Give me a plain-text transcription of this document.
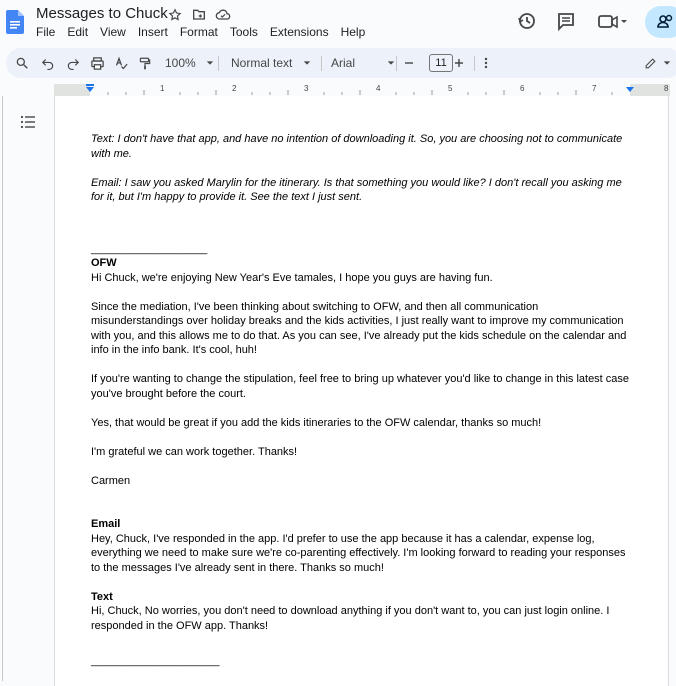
Messages to Chuck
File	Edit	View	Insert	Format	Tools	Extensions	Help
100%	Normal text	Arial	11
1	2	3	4	5	6	7	8

Text: I don't have that app, and have no intention of downloading it. So, you are choosing not to communicate

with me.

Email: I saw you asked Marylin for the itinerary. Is that something you would like? I don't recall you asking me

for it, but I'm happy to provide it. See the text I just sent.

___________________

OFW

Hi Chuck, we're enjoying New Year's Eve tamales, I hope you guys are having fun.

Since the mediation, I've been thinking about switching to OFW, and then all communication

misunderstandings over holiday breaks and the kids activities, I just really want to improve my communication

with you, and this allows me to do that. As you can see, I've already put the kids schedule on the calendar and

info in the info bank. It's cool, huh!

If you're wanting to change the stipulation, feel free to bring up whatever you'd like to change in this latest case

you've brought before the court.

Yes, that would be great if you add the kids itineraries to the OFW calendar, thanks so much!

I'm grateful we can work together. Thanks!

Carmen

Email

Hey, Chuck, I've responded in the app. I'd prefer to use the app because it has a calendar, expense log,

everything we need to make sure we're co-parenting effectively. I'm looking forward to reading your responses

to the messages I've already sent in there. Thanks so much!

Text

Hi, Chuck, No worries, you don't need to download anything if you don't want to, you can just login online. I

responded in the OFW app. Thanks!

_____________________
